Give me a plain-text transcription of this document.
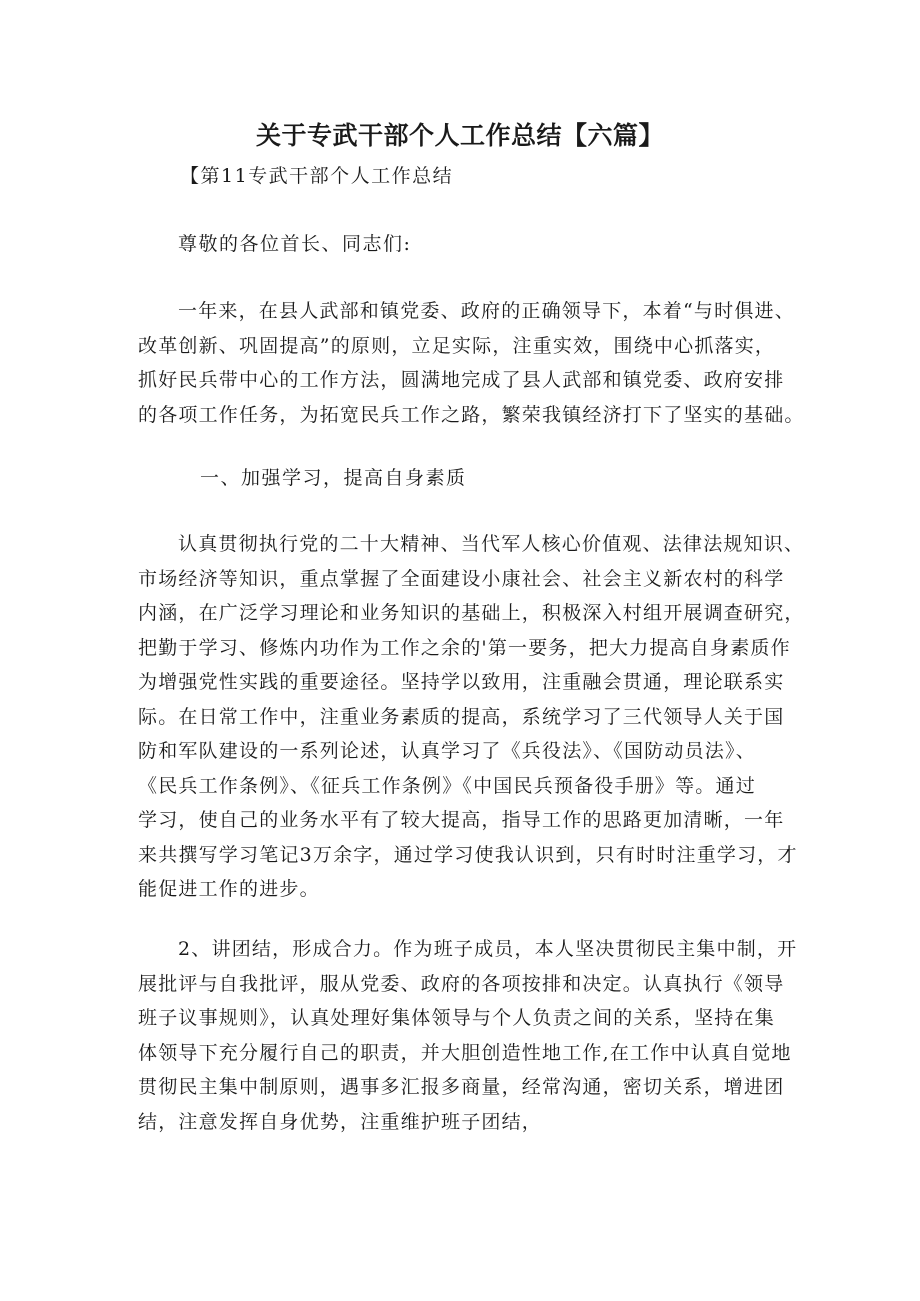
关于专武干部个人工作总结【六篇】
【第11专武干部个人工作总结
尊敬的各位首长、同志们:
一年来，在县人武部和镇党委、政府的正确领导下，本着“与时俱进、
改革创新、巩固提高”的原则，立足实际，注重实效，围绕中心抓落实，
抓好民兵带中心的工作方法，圆满地完成了县人武部和镇党委、政府安排
的各项工作任务，为拓宽民兵工作之路，繁荣我镇经济打下了坚实的基础。
一、加强学习，提高自身素质
认真贯彻执行党的二十大精神、当代军人核心价值观、法律法规知识、
市场经济等知识，重点掌握了全面建设小康社会、社会主义新农村的科学
内涵，在广泛学习理论和业务知识的基础上，积极深入村组开展调查研究，
把勤于学习、修炼内功作为工作之余的'第一要务，把大力提高自身素质作
为增强党性实践的重要途径。坚持学以致用，注重融会贯通，理论联系实
际。在日常工作中，注重业务素质的提高，系统学习了三代领导人关于国
防和军队建设的一系列论述，认真学习了《兵役法》、《国防动员法》、
《民兵工作条例》、《征兵工作条例》《中国民兵预备役手册》等。通过
学习，使自己的业务水平有了较大提高，指导工作的思路更加清晰，一年
来共撰写学习笔记3万余字，通过学习使我认识到，只有时时注重学习，才
能促进工作的进步。
2、讲团结，形成合力。作为班子成员，本人坚决贯彻民主集中制，开
展批评与自我批评，服从党委、政府的各项按排和决定。认真执行《领导
班子议事规则》，认真处理好集体领导与个人负责之间的关系，坚持在集
体领导下充分履行自己的职责，并大胆创造性地工作,在工作中认真自觉地
贯彻民主集中制原则，遇事多汇报多商量，经常沟通，密切关系，增进团
结，注意发挥自身优势，注重维护班子团结，
